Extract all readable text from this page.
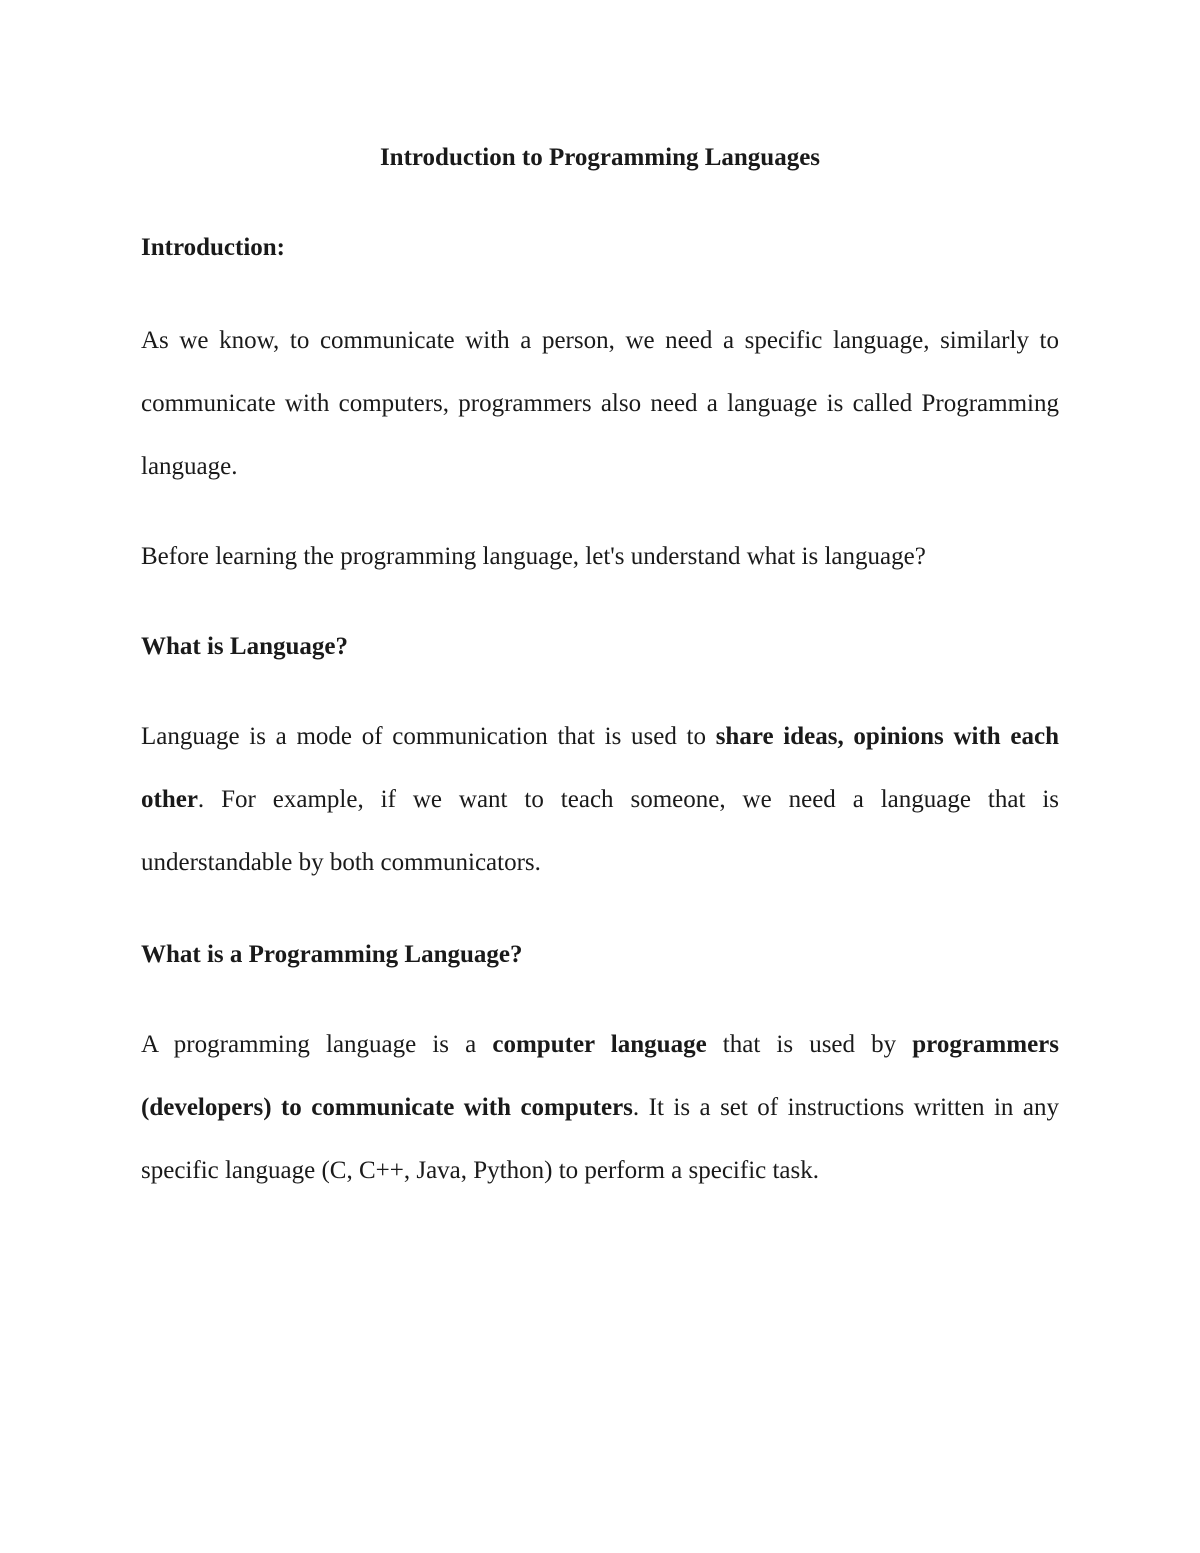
Introduction to Programming Languages
Introduction:

As we know, to communicate with a person, we need a specific language, similarly to communicate with computers, programmers also need a language is called Programming language.

Before learning the programming language, let's understand what is language?

What is Language?

Language is a mode of communication that is used to share ideas, opinions with each other. For example, if we want to teach someone, we need a language that is understandable by both communicators.

What is a Programming Language?

A programming language is a computer language that is used by programmers (developers) to communicate with computers. It is a set of instructions written in any specific language (C, C++, Java, Python) to perform a specific task.
